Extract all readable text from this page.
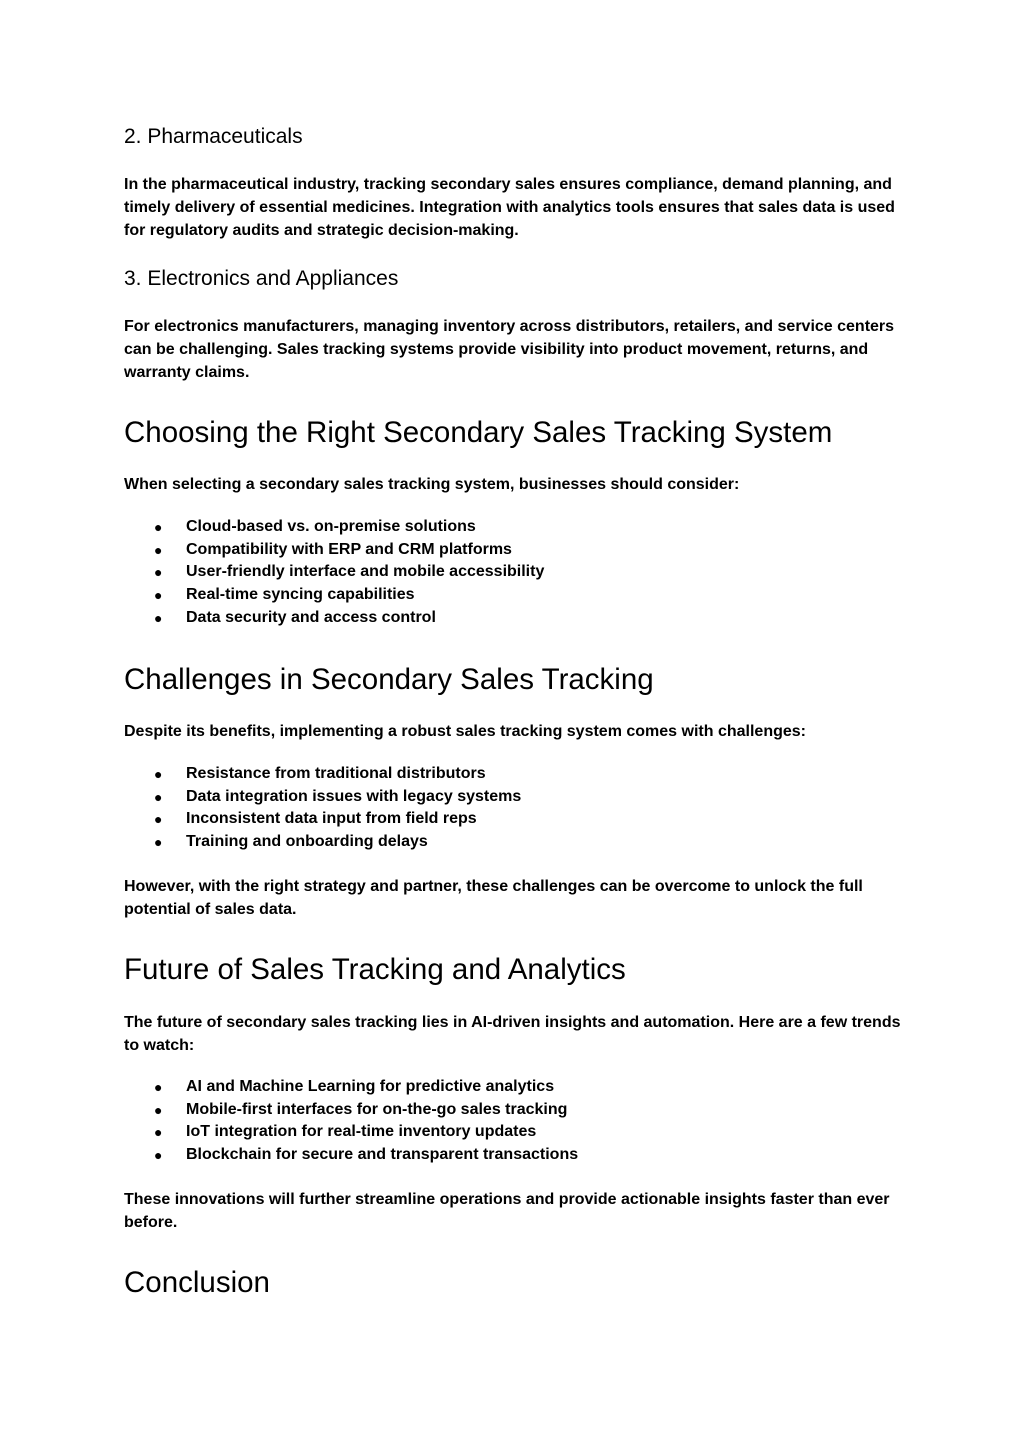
2. Pharmaceuticals

In the pharmaceutical industry, tracking secondary sales ensures compliance, demand planning, and timely delivery of essential medicines. Integration with analytics tools ensures that sales data is used for regulatory audits and strategic decision-making.

3. Electronics and Appliances

For electronics manufacturers, managing inventory across distributors, retailers, and service centers can be challenging. Sales tracking systems provide visibility into product movement, returns, and warranty claims.

Choosing the Right Secondary Sales Tracking System

When selecting a secondary sales tracking system, businesses should consider:

● Cloud-based vs. on-premise solutions
● Compatibility with ERP and CRM platforms
● User-friendly interface and mobile accessibility
● Real-time syncing capabilities
● Data security and access control
Challenges in Secondary Sales Tracking

Despite its benefits, implementing a robust sales tracking system comes with challenges:

● Resistance from traditional distributors
● Data integration issues with legacy systems
● Inconsistent data input from field reps
● Training and onboarding delays

However, with the right strategy and partner, these challenges can be overcome to unlock the full potential of sales data.

Future of Sales Tracking and Analytics

The future of secondary sales tracking lies in AI-driven insights and automation. Here are a few trends to watch:

● AI and Machine Learning for predictive analytics
● Mobile-first interfaces for on-the-go sales tracking
● IoT integration for real-time inventory updates
● Blockchain for secure and transparent transactions

These innovations will further streamline operations and provide actionable insights faster than ever before.

Conclusion
